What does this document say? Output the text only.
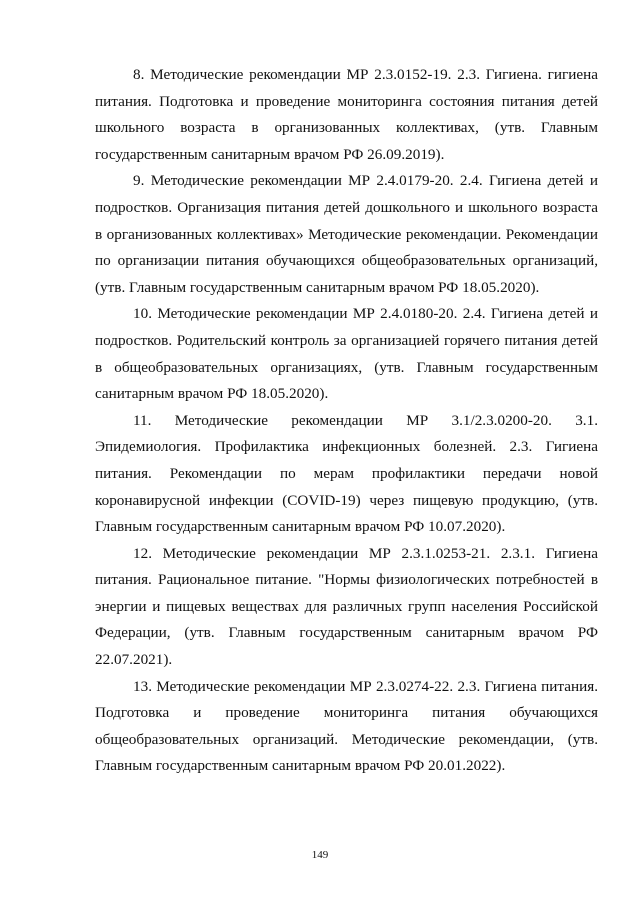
8. Методические рекомендации МР 2.3.0152-19. 2.3. Гигиена. гигиена питания. Подготовка и проведение мониторинга состояния питания детей школьного возраста в организованных коллективах, (утв. Главным государственным санитарным врачом РФ 26.09.2019).

9. Методические рекомендации МР 2.4.0179-20. 2.4. Гигиена детей и подростков. Организация питания детей дошкольного и школьного возраста в организованных коллективах» Методические рекомендации. Рекомендации по организации питания обучающихся общеобразовательных организаций, (утв. Главным государственным санитарным врачом РФ 18.05.2020).

10. Методические рекомендации МР 2.4.0180-20. 2.4. Гигиена детей и подростков. Родительский контроль за организацией горячего питания детей в общеобразовательных организациях, (утв. Главным государственным санитарным врачом РФ 18.05.2020).

11. Методические рекомендации МР 3.1/2.3.0200-20. 3.1. Эпидемиология. Профилактика инфекционных болезней. 2.3. Гигиена питания. Рекомендации по мерам профилактики передачи новой коронавирусной инфекции (COVID-19) через пищевую продукцию, (утв. Главным государственным санитарным врачом РФ 10.07.2020).

12. Методические рекомендации МР 2.3.1.0253-21. 2.3.1. Гигиена питания. Рациональное питание. "Нормы физиологических потребностей в энергии и пищевых веществах для различных групп населения Российской Федерации, (утв. Главным государственным санитарным врачом РФ 22.07.2021).

13. Методические рекомендации МР 2.3.0274-22. 2.3. Гигиена питания. Подготовка и проведение мониторинга питания обучающихся общеобразовательных организаций. Методические рекомендации, (утв. Главным государственным санитарным врачом РФ 20.01.2022).

149
